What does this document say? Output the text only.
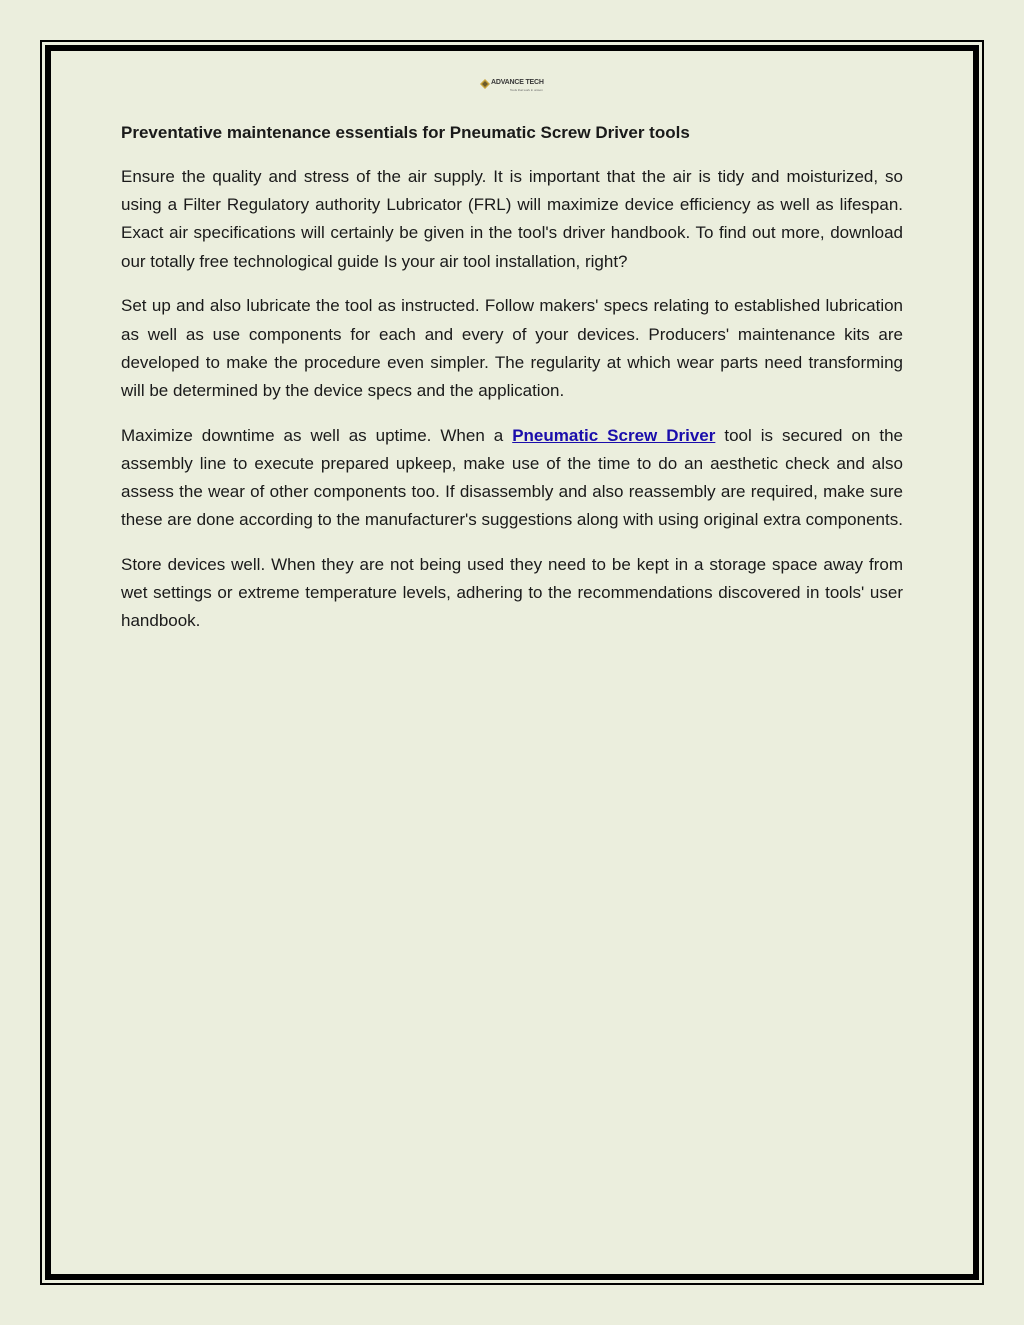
ADVANCE TECH
Tools that work in unison
Preventative maintenance essentials for Pneumatic Screw Driver tools

Ensure the quality and stress of the air supply. It is important that the air is tidy and moisturized, so using a Filter Regulatory authority Lubricator (FRL) will maximize device efficiency as well as lifespan. Exact air specifications will certainly be given in the tool's driver handbook. To find out more, download our totally free technological guide Is your air tool installation, right?

Set up and also lubricate the tool as instructed. Follow makers' specs relating to established lubrication as well as use components for each and every of your devices. Producers' maintenance kits are developed to make the procedure even simpler. The regularity at which wear parts need transforming will be determined by the device specs and the application.

Maximize downtime as well as uptime. When a Pneumatic Screw Driver tool is secured on the assembly line to execute prepared upkeep, make use of the time to do an aesthetic check and also assess the wear of other components too. If disassembly and also reassembly are required, make sure these are done according to the manufacturer's suggestions along with using original extra components.

Store devices well. When they are not being used they need to be kept in a storage space away from wet settings or extreme temperature levels, adhering to the recommendations discovered in tools' user handbook.
